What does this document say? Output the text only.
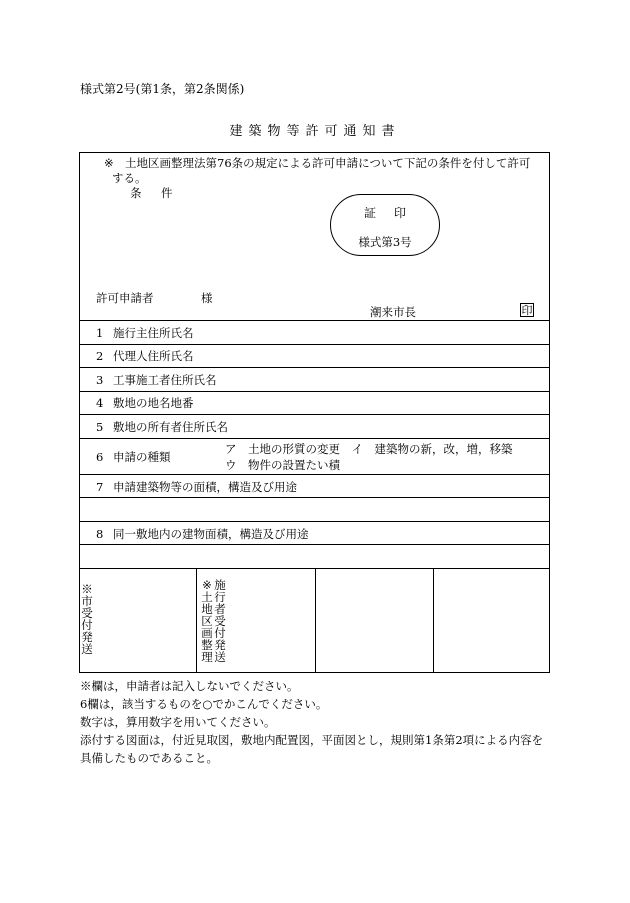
様式第2号(第1条，第2条関係)
建築物等許可通知書
※ 土地区画整理法第76条の規定による許可申請について下記の条件を付して許可
する。
条　件
証印
様式第3号
許可申請者	様
潮来市長	印
1 施行主住所氏名
2 代理人住所氏名
3 工事施工者住所氏名
4 敷地の地名地番
5 敷地の所有者住所氏名
6 申請の種類
ア　土地の形質の変更　イ　建築物の新，改，増，移築
ウ　物件の設置たい積
7 申請建築物等の面積，構造及び用途
8 同一敷地内の建物面積，構造及び用途
※市受付発送
※
土地区画整理
施行者受付発送
※欄は，申請者は記入しないでください。
6欄は，該当するものを○でかこんでください。
数字は，算用数字を用いてください。
添付する図面は，付近見取図，敷地内配置図，平面図とし，規則第1条第2項による内容を
具備したものであること。
